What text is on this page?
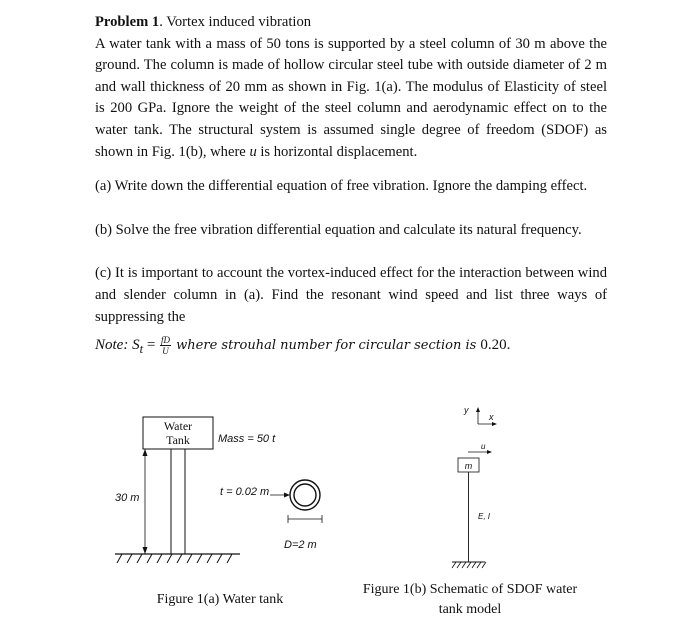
Problem 1. Vortex induced vibration

A water tank with a mass of 50 tons is supported by a steel column of 30 m above the ground. The column is made of hollow circular steel tube with outside diameter of 2 m and wall thickness of 20 mm as shown in Fig. 1(a). The modulus of Elasticity of steel is 200 GPa. Ignore the weight of the steel column and aerodynamic effect on to the water tank. The structural system is assumed single degree of freedom (SDOF) as shown in Fig. 1(b), where u is horizontal displacement.

(a) Write down the differential equation of free vibration. Ignore the damping effect.

(b) Solve the free vibration differential equation and calculate its natural frequency.

(c) It is important to account the vortex-induced effect for the interaction between wind and slender column in (a). Find the resonant wind speed and list three ways of suppressing the

Note: $S_t = \frac{fD}{U}$ where strouhal number for circular section is 0.20.

Water
Tank	Mass = 50 t
30 m	t = 0.02 m
D=2 m
y
x
u
m
E, I
Figure 1(a) Water tank
Figure 1(b) Schematic of SDOF water
tank model
